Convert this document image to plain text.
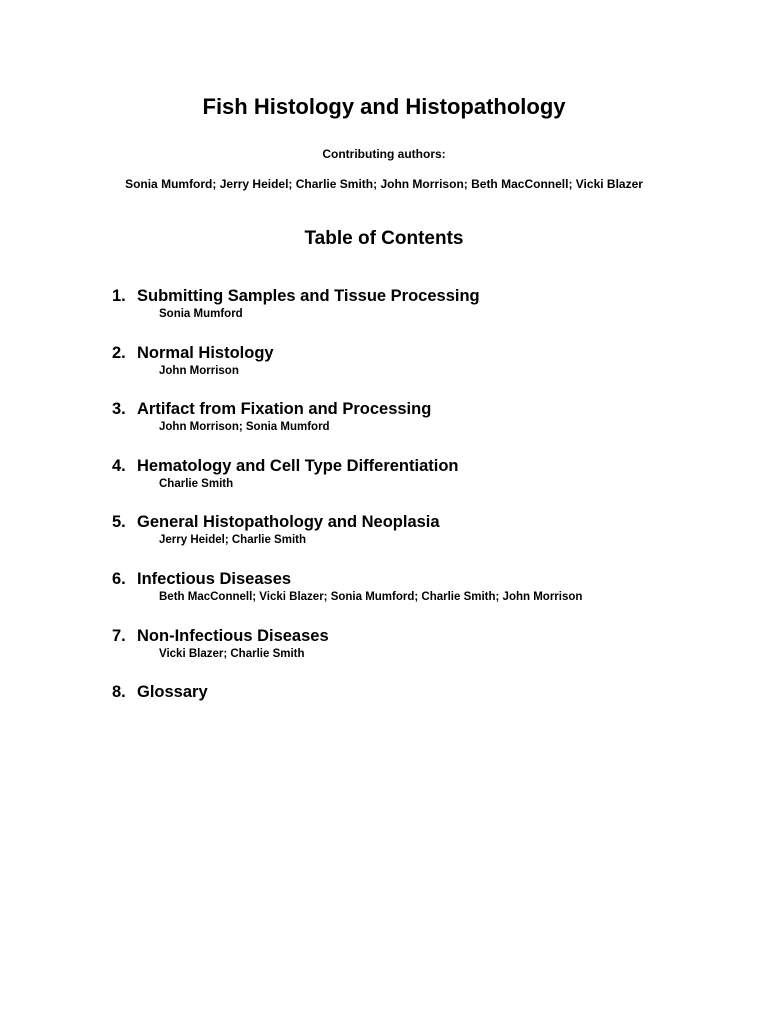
Fish Histology and Histopathology
Contributing authors:
Sonia Mumford; Jerry Heidel; Charlie Smith; John Morrison; Beth MacConnell; Vicki Blazer
Table of Contents
1. Submitting Samples and Tissue Processing
Sonia Mumford
2. Normal Histology
John Morrison
3. Artifact from Fixation and Processing
John Morrison; Sonia Mumford
4. Hematology and Cell Type Differentiation
Charlie Smith
5. General Histopathology and Neoplasia
Jerry Heidel; Charlie Smith
6. Infectious Diseases
Beth MacConnell; Vicki Blazer; Sonia Mumford; Charlie Smith; John Morrison
7. Non-Infectious Diseases
Vicki Blazer; Charlie Smith
8. Glossary
